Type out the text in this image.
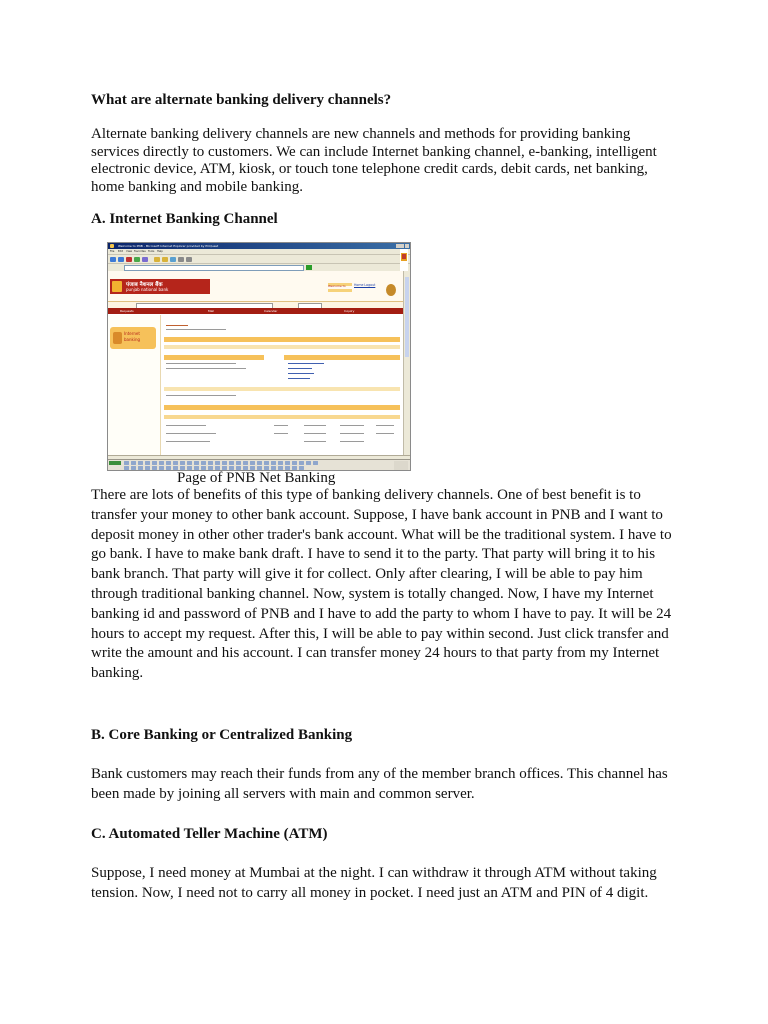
What are alternate banking delivery channels?

Alternate banking delivery channels are new channels and methods for providing banking services directly to customers. We can include Internet banking channel, e-banking, intelligent electronic device, ATM, kiosk, or touch tone telephone credit cards, debit cards, net banking, home banking and mobile banking.

A. Internet Banking Channel
Welcome to PNB - Microsoft Internet Explorer provided by PCQuest
File Edit View Favorites Tools Help
पंजाब नैशनल बैंक
punjab national bank
Welcome to	Home Logout
Requests	Mail	Calendar	Inquiry
Internet
banking

Page of PNB Net Banking

There are lots of benefits of this type of banking delivery channels. One of best benefit is to transfer your money to other bank account. Suppose, I have bank account in PNB and I want to deposit money in other other trader's bank account. What will be the traditional system. I have to go bank. I have to make bank draft. I have to send it to the party. That party will bring it to his bank branch. That party will give it for collect. Only after clearing, I will be able to pay him through traditional banking channel. Now, system is totally changed. Now, I have my Internet banking id and password of PNB and I have to add the party to whom I have to pay. It will be 24 hours to accept my request. After this, I will be able to pay within second. Just click transfer and write the amount and his account. I can transfer money 24 hours to that party from my Internet banking.

B. Core Banking or Centralized Banking

Bank customers may reach their funds from any of the member branch offices. This channel has been made by joining all servers with main and common server.

C. Automated Teller Machine (ATM)

Suppose, I need money at Mumbai at the night. I can withdraw it through ATM without taking tension. Now, I need not to carry all money in pocket. I need just an ATM and PIN of 4 digit.
